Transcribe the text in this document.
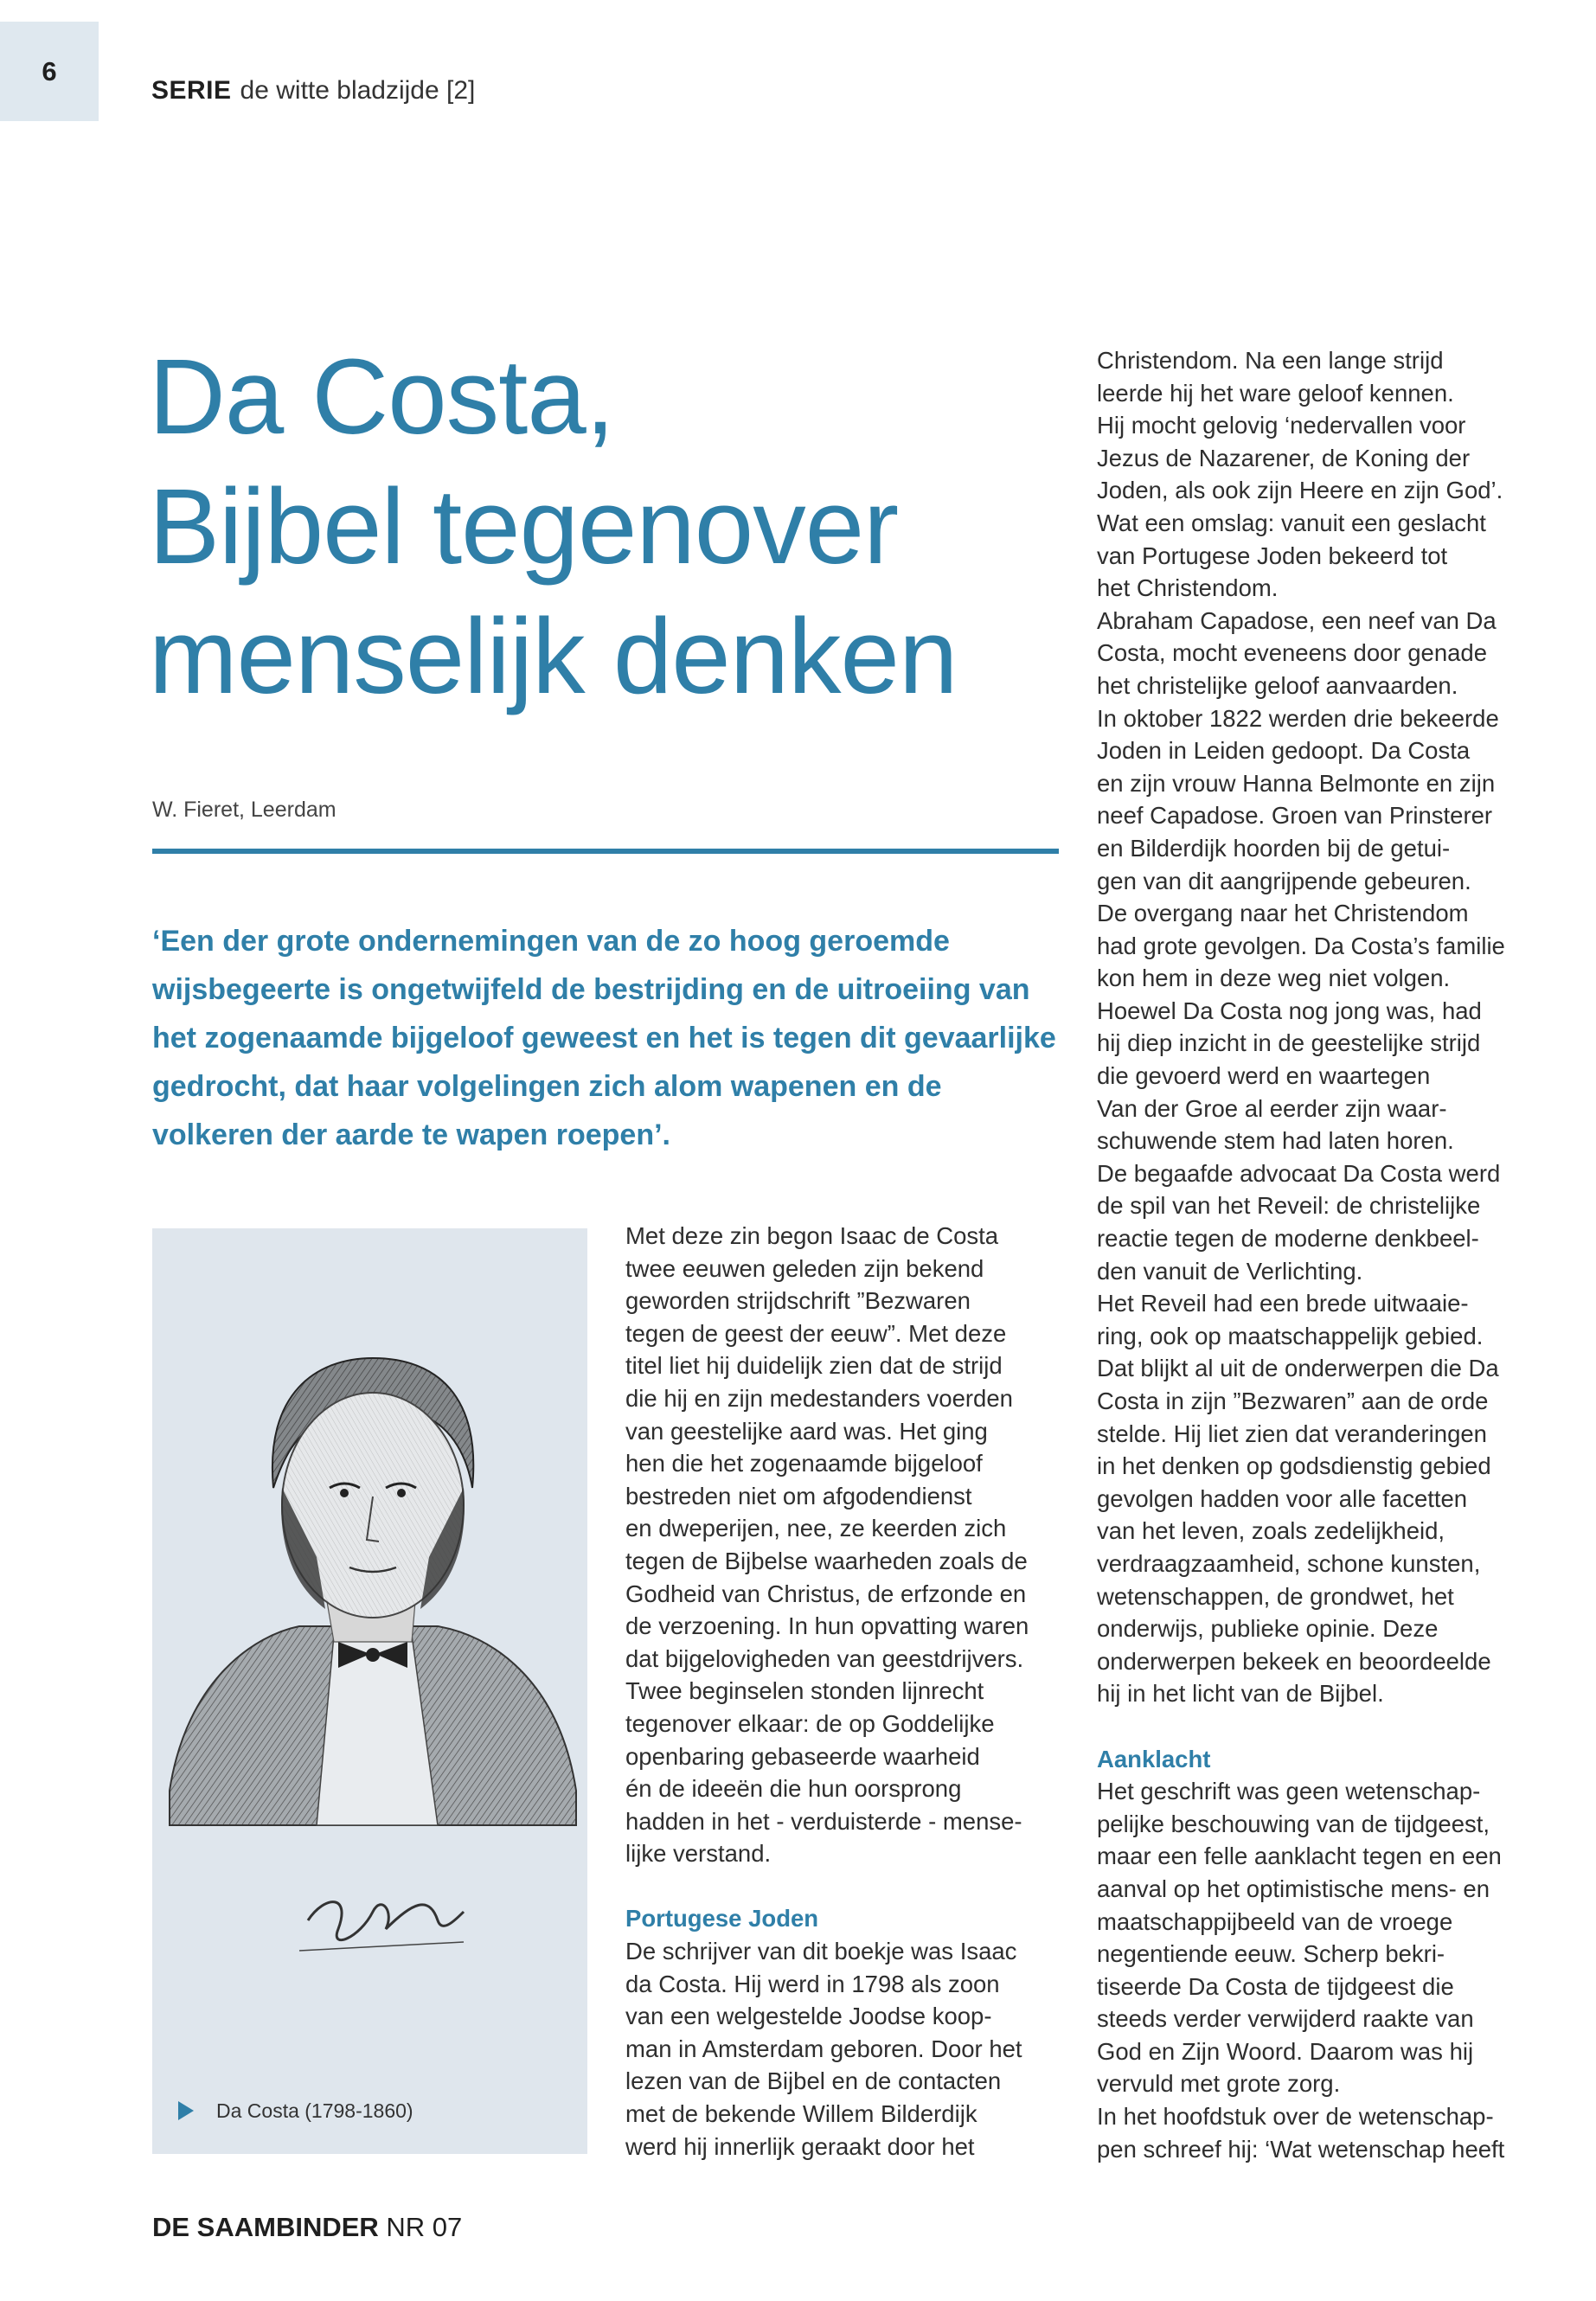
6
SERIE de witte bladzijde [2]
Da Costa,
Bijbel tegenover
menselijk denken
W. Fieret, Leerdam

‘Een der grote ondernemingen van de zo hoog geroemde wijsbegeerte is ongetwijfeld de bestrijding en de uitroeiing van het zogenaamde bijgeloof geweest en het is tegen dit gevaarlijke gedrocht, dat haar volgelingen zich alom wapenen en de volkeren der aarde te wapen roepen’.

Da Costa (1798-1860)

Met deze zin begon Isaac de Costa
twee eeuwen geleden zijn bekend
geworden strijdschrift ”Bezwaren
tegen de geest der eeuw”. Met deze
titel liet hij duidelijk zien dat de strijd
die hij en zijn medestanders voerden
van geestelijke aard was. Het ging
hen die het zogenaamde bijgeloof
bestreden niet om afgodendienst
en dweperijen, nee, ze keerden zich
tegen de Bijbelse waarheden zoals de
Godheid van Christus, de erfzonde en
de verzoening. In hun opvatting waren
dat bijgelovigheden van geestdrijvers.
Twee beginselen stonden lijnrecht
tegenover elkaar: de op Goddelijke
openbaring gebaseerde waarheid
én de ideeën die hun oorsprong
hadden in het - verduisterde - mense-
lijke verstand.

Portugese Joden

De schrijver van dit boekje was Isaac
da Costa. Hij werd in 1798 als zoon
van een welgestelde Joodse koop-
man in Amsterdam geboren. Door het
lezen van de Bijbel en de contacten
met de bekende Willem Bilderdijk
werd hij innerlijk geraakt door het

Christendom. Na een lange strijd
leerde hij het ware geloof kennen.
Hij mocht gelovig ‘nedervallen voor
Jezus de Nazarener, de Koning der
Joden, als ook zijn Heere en zijn God’.
Wat een omslag: vanuit een geslacht
van Portugese Joden bekeerd tot
het Christendom.
Abraham Capadose, een neef van Da
Costa, mocht eveneens door genade
het christelijke geloof aanvaarden.
In oktober 1822 werden drie bekeerde
Joden in Leiden gedoopt. Da Costa
en zijn vrouw Hanna Belmonte en zijn
neef Capadose. Groen van Prinsterer
en Bilderdijk hoorden bij de getui-
gen van dit aangrijpende gebeuren.
De overgang naar het Christendom
had grote gevolgen. Da Costa’s familie
kon hem in deze weg niet volgen.
Hoewel Da Costa nog jong was, had
hij diep inzicht in de geestelijke strijd
die gevoerd werd en waartegen
Van der Groe al eerder zijn waar-
schuwende stem had laten horen.
De begaafde advocaat Da Costa werd
de spil van het Reveil: de christelijke
reactie tegen de moderne denkbeel-
den vanuit de Verlichting.
Het Reveil had een brede uitwaaie-
ring, ook op maatschappelijk gebied.
Dat blijkt al uit de onderwerpen die Da
Costa in zijn ”Bezwaren” aan de orde
stelde. Hij liet zien dat veranderingen
in het denken op godsdienstig gebied
gevolgen hadden voor alle facetten
van het leven, zoals zedelijkheid,
verdraagzaamheid, schone kunsten,
wetenschappen, de grondwet, het
onderwijs, publieke opinie. Deze
onderwerpen bekeek en beoordeelde
hij in het licht van de Bijbel.

Aanklacht

Het geschrift was geen wetenschap-
pelijke beschouwing van de tijdgeest,
maar een felle aanklacht tegen en een
aanval op het optimistische mens- en
maatschappijbeeld van de vroege
negentiende eeuw. Scherp bekri-
tiseerde Da Costa de tijdgeest die
steeds verder verwijderd raakte van
God en Zijn Woord. Daarom was hij
vervuld met grote zorg.
In het hoofdstuk over de wetenschap-
pen schreef hij: ‘Wat wetenschap heeft

DE SAAMBINDER NR 07
